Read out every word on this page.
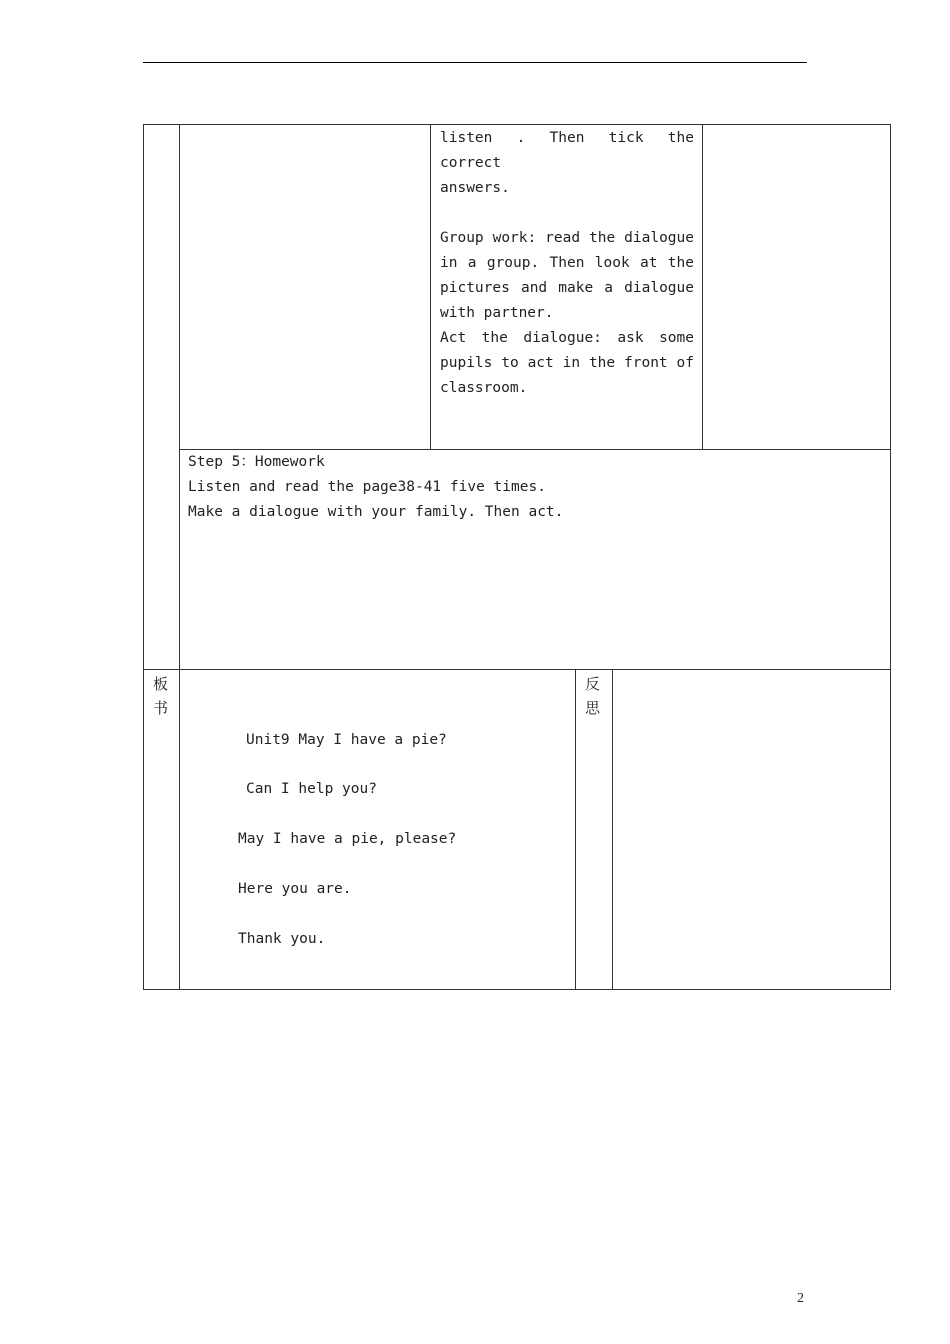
listen . Then tick the correct
answers.

Group work: read the dialogue
in a group. Then look at the
pictures and make a dialogue
with partner.
Act the dialogue: ask some
pupils to act in the front of
classroom.
Step 5：Homework
Listen and read the page38-41 five times.
Make a dialogue with your family. Then act.
板书
反思
Unit9 May I have a pie?
Can I help you?
May I have a pie, please?
Here you are.
Thank you.
2
